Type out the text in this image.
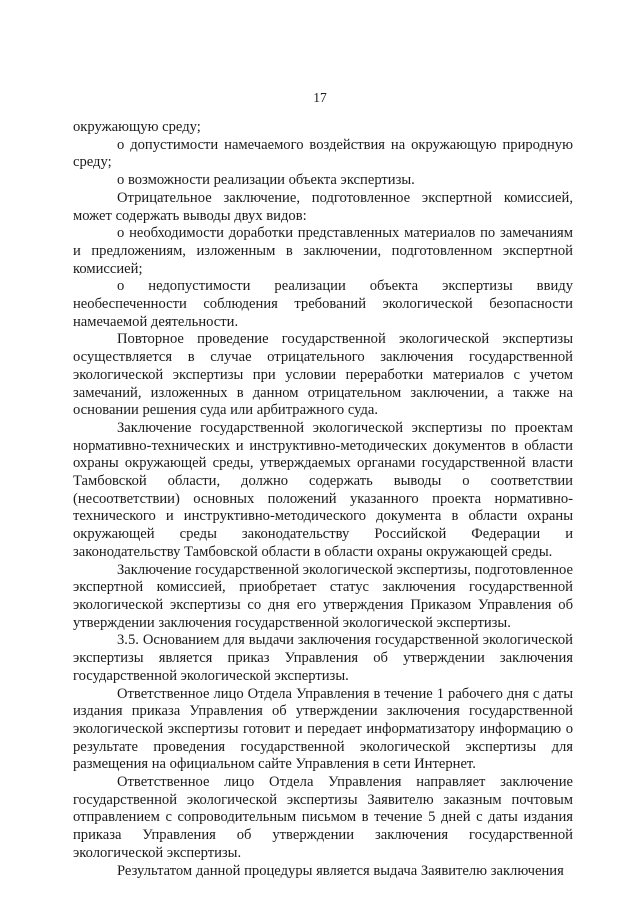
17

окружающую среду;

о допустимости намечаемого воздействия на окружающую природную среду;

о возможности реализации объекта экспертизы.

Отрицательное заключение, подготовленное экспертной комиссией, может содержать выводы двух видов:

о необходимости доработки представленных материалов по замечаниям и предложениям, изложенным в заключении, подготовленном экспертной комиссией;

о недопустимости реализации объекта экспертизы ввиду необеспеченности соблюдения требований экологической безопасности намечаемой деятельности.

Повторное проведение государственной экологической экспертизы осуществляется в случае отрицательного заключения государственной экологической экспертизы при условии переработки материалов с учетом замечаний, изложенных в данном отрицательном заключении, а также на основании решения суда или арбитражного суда.

Заключение государственной экологической экспертизы по проектам нормативно-технических и инструктивно-методических документов в области охраны окружающей среды, утверждаемых органами государственной власти Тамбовской области, должно содержать выводы о соответствии (несоответствии) основных положений указанного проекта нормативно-технического и инструктивно-методического документа в области охраны окружающей среды законодательству Российской Федерации и законодательству Тамбовской области в области охраны окружающей среды.

Заключение государственной экологической экспертизы, подготовленное экспертной комиссией, приобретает статус заключения государственной экологической экспертизы со дня его утверждения Приказом Управления об утверждении заключения государственной экологической экспертизы.

3.5. Основанием для выдачи заключения государственной экологической экспертизы является приказ Управления об утверждении заключения государственной экологической экспертизы.

Ответственное лицо Отдела Управления в течение 1 рабочего дня с даты издания приказа Управления об утверждении заключения государственной экологической экспертизы готовит и передает информатизатору информацию о результате проведения государственной экологической экспертизы для размещения на официальном сайте Управления в сети Интернет.

Ответственное лицо Отдела Управления направляет заключение государственной экологической экспертизы Заявителю заказным почтовым отправлением с сопроводительным письмом в течение 5 дней с даты издания приказа Управления об утверждении заключения государственной экологической экспертизы.

Результатом данной процедуры является выдача Заявителю заключения
